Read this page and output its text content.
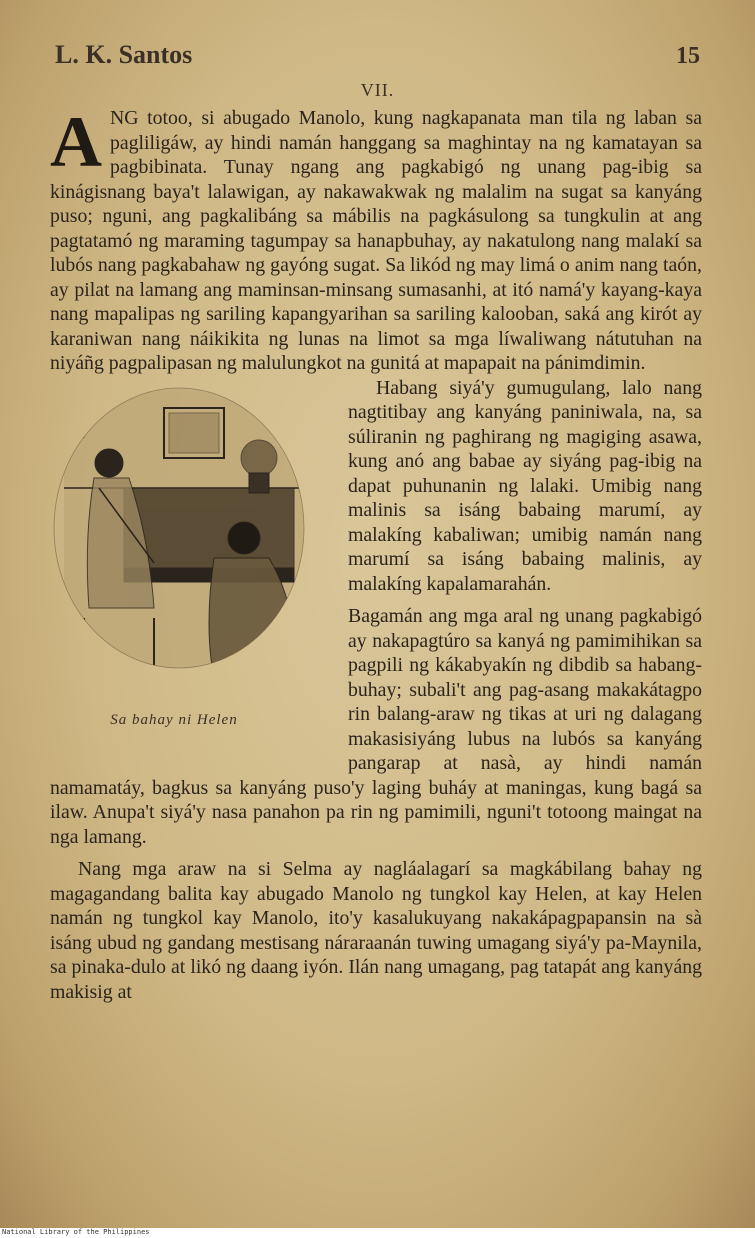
L. K. Santos	15
VII.

ANG totoo, si abugado Manolo, kung nagkapanata man tila ng laban sa pagliligáw, ay hindi namán hanggang sa maghintay na ng kamatayan sa pagbibinata. Tunay ngang ang pagkabigó ng unang pag-ibig sa kinágisnang baya't lalawigan, ay nakawakwak ng malalim na sugat sa kanyáng puso; nguni, ang pagkalibáng sa mábilis na pagkásulong sa tungkulin at ang pagtatamó ng maraming tagumpay sa hanapbuhay, ay nakatulong nang malakí sa lubós nang pagkabahaw ng gayóng sugat. Sa likód ng may limá o anim nang taón, ay pilat na lamang ang maminsan-minsang sumasanhi, at itó namá'y kayang-kaya nang mapalipas ng sariling kapangyarihan sa sariling kalooban, saká ang kirót ay karaniwan nang náikikita ng lunas na limot sa mga líwaliwang nátutuhan na niyáñg pagpalipasan ng malulungkot na gunitá at mapapait na pánimdimin.

Sa bahay ni Helen

Habang siyá'y gumugulang, lalo nang nagtitibay ang kanyáng paniniwala, na, sa súliranin ng paghirang ng magiging asawa, kung anó ang babae ay siyáng pag-ibig na dapat puhunanin ng lalaki. Umibig nang malinis sa isáng babaing marumí, ay malakíng kabaliwan; umibig namán nang marumí sa isáng babaing malinis, ay malakíng kapalamarahán.

Bagamán ang mga aral ng unang pagkabigó ay nakapagtúro sa kanyá ng pamimihikan sa pagpili ng kákabyakín ng dibdib sa habang-buhay; subali't ang pag-asang makakátagpo rin balang-araw ng tikas at uri ng dalagang makasisiyáng lubus na lubós sa kanyáng pangarap at nasà, ay hindi namán namamatáy, bagkus sa kanyáng puso'y laging buháy at maningas, kung bagá sa ilaw. Anupa't siyá'y nasa panahon pa rin ng pamimili, nguni't totoong maingat na nga lamang.

Nang mga araw na si Selma ay nagláalagarí sa magkábilang bahay ng magagandang balita kay abugado Manolo ng tungkol kay Helen, at kay Helen namán ng tungkol kay Manolo, ito'y kasalukuyang nakakápagpapansin na sà isáng ubud ng gandang mestisang náraraanán tuwing umagang siyá'y pa-Maynila, sa pinaka-dulo at likó ng daang iyón. Ilán nang umagang, pag tatapát ang kanyáng makisig at

National Library of the Philippines
